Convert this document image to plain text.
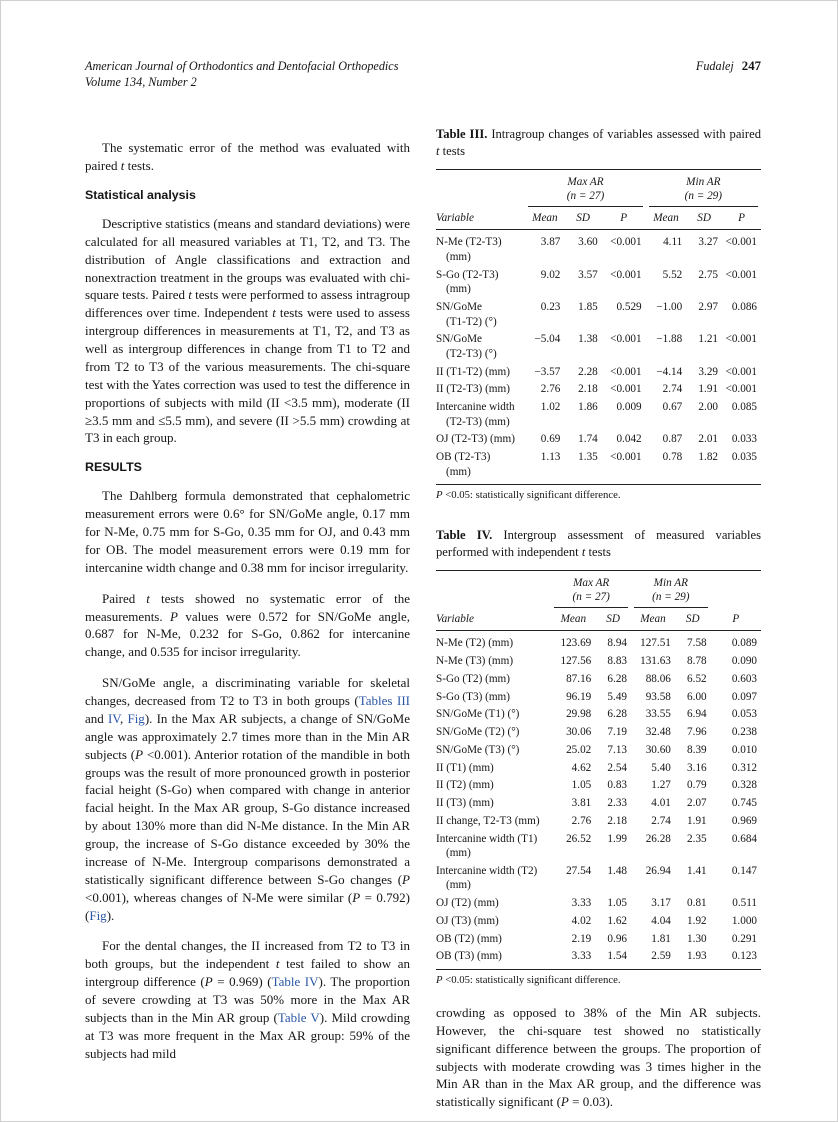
American Journal of Orthodontics and Dentofacial Orthopedics
Volume 134, Number 2
Fudalej 247

The systematic error of the method was evaluated with paired t tests.

Statistical analysis

Descriptive statistics (means and standard deviations) were calculated for all measured variables at T1, T2, and T3. The distribution of Angle classifications and extraction and nonextraction treatment in the groups was evaluated with chi-square tests. Paired t tests were performed to assess intragroup differences over time. Independent t tests were used to assess intergroup differences in measurements at T1, T2, and T3 as well as intergroup differences in change from T1 to T2 and from T2 to T3 of the various measurements. The chi-square test with the Yates correction was used to test the difference in proportions of subjects with mild (II <3.5 mm), moderate (II ≥3.5 mm and ≤5.5 mm), and severe (II >5.5 mm) crowding at T3 in each group.

RESULTS

The Dahlberg formula demonstrated that cephalometric measurement errors were 0.6° for SN/GoMe angle, 0.17 mm for N-Me, 0.75 mm for S-Go, 0.35 mm for OJ, and 0.43 mm for OB. The model measurement errors were 0.19 mm for intercanine width change and 0.38 mm for incisor irregularity.

Paired t tests showed no systematic error of the measurements. P values were 0.572 for SN/GoMe angle, 0.687 for N-Me, 0.232 for S-Go, 0.862 for intercanine change, and 0.535 for incisor irregularity.

SN/GoMe angle, a discriminating variable for skeletal changes, decreased from T2 to T3 in both groups (Tables III and IV, Fig). In the Max AR subjects, a change of SN/GoMe angle was approximately 2.7 times more than in the Min AR subjects (P <0.001). Anterior rotation of the mandible in both groups was the result of more pronounced growth in posterior facial height (S-Go) when compared with change in anterior facial height. In the Max AR group, S-Go distance increased by about 130% more than did N-Me distance. In the Min AR group, the increase of S-Go distance exceeded by 30% the increase of N-Me. Intergroup comparisons demonstrated a statistically significant difference between S-Go changes (P <0.001), whereas changes of N-Me were similar (P = 0.792) (Fig).

For the dental changes, the II increased from T2 to T3 in both groups, but the independent t test failed to show an intergroup difference (P = 0.969) (Table IV). The proportion of severe crowding at T3 was 50% more in the Max AR subjects than in the Min AR group (Table V). Mild crowding at T3 was more frequent in the Max AR group: 59% of the subjects had mild

Table III. Intragroup changes of variables assessed with paired t tests

Max AR
(n = 27)

Min AR
(n = 29)

Variable	Mean	SD	P	Mean	SD	P

N-Me (T2-T3)
(mm)	3.87	3.60	<0.001	4.11	3.27	<0.001

S-Go (T2-T3)
(mm)	9.02	3.57	<0.001	5.52	2.75	<0.001

SN/GoMe
(T1-T2) (°)	0.23	1.85	0.529	−1.00	2.97	0.086

SN/GoMe
(T2-T3) (°)	−5.04	1.38	<0.001	−1.88	1.21	<0.001

II (T1-T2) (mm)	−3.57	2.28	<0.001	−4.14	3.29	<0.001

II (T2-T3) (mm)	2.76	2.18	<0.001	2.74	1.91	<0.001

Intercanine width
(T2-T3) (mm)	1.02	1.86	0.009	0.67	2.00	0.085

OJ (T2-T3) (mm)	0.69	1.74	0.042	0.87	2.01	0.033

OB (T2-T3)
(mm)	1.13	1.35	<0.001	0.78	1.82	0.035
P <0.05: statistically significant difference.
Table IV. Intergroup assessment of measured variables performed with independent t tests

Max AR
(n = 27)

Min AR
(n = 29)

Variable	Mean	SD	Mean	SD	P

N-Me (T2) (mm)	123.69	8.94	127.51	7.58	0.089

N-Me (T3) (mm)	127.56	8.83	131.63	8.78	0.090

S-Go (T2) (mm)	87.16	6.28	88.06	6.52	0.603

S-Go (T3) (mm)	96.19	5.49	93.58	6.00	0.097

SN/GoMe (T1) (°)	29.98	6.28	33.55	6.94	0.053

SN/GoMe (T2) (°)	30.06	7.19	32.48	7.96	0.238

SN/GoMe (T3) (°)	25.02	7.13	30.60	8.39	0.010

II (T1) (mm)	4.62	2.54	5.40	3.16	0.312

II (T2) (mm)	1.05	0.83	1.27	0.79	0.328

II (T3) (mm)	3.81	2.33	4.01	2.07	0.745

II change, T2-T3 (mm)	2.76	2.18	2.74	1.91	0.969

Intercanine width (T1)
(mm)	26.52	1.99	26.28	2.35	0.684

Intercanine width (T2)
(mm)	27.54	1.48	26.94	1.41	0.147

OJ (T2) (mm)	3.33	1.05	3.17	0.81	0.511

OJ (T3) (mm)	4.02	1.62	4.04	1.92	1.000

OB (T2) (mm)	2.19	0.96	1.81	1.30	0.291

OB (T3) (mm)	3.33	1.54	2.59	1.93	0.123
P <0.05: statistically significant difference.

crowding as opposed to 38% of the Min AR subjects. However, the chi-square test showed no statistically significant difference between the groups. The proportion of subjects with moderate crowding was 3 times higher in the Min AR than in the Max AR group, and the difference was statistically significant (P = 0.03).
